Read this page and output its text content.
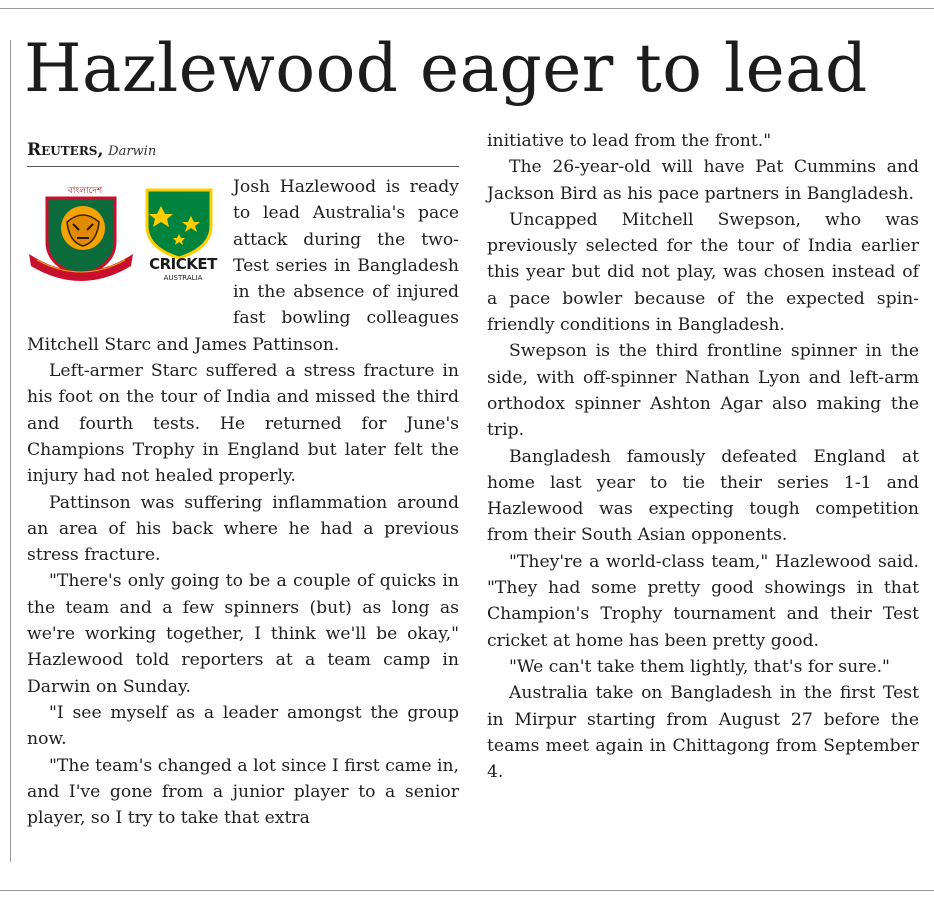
Hazlewood eager to lead
Reuters, Darwin
বাংলাদেশ
CRICKET
AUSTRALIA

Josh Hazlewood is ready to lead Australia's pace attack during the two-Test series in Bangladesh in the absence of injured fast bowling colleagues Mitchell Starc and James Pattinson.

Left-armer Starc suffered a stress fracture in his foot on the tour of India and missed the third and fourth tests. He returned for June's Champions Trophy in England but later felt the injury had not healed properly.

Pattinson was suffering inflammation around an area of his back where he had a previous stress fracture.

"There's only going to be a couple of quicks in the team and a few spinners (but) as long as we're working together, I think we'll be okay," Hazlewood told reporters at a team camp in Darwin on Sunday.

"I see myself as a leader amongst the group now.

"The team's changed a lot since I first came in, and I've gone from a junior player to a senior player, so I try to take that extra

initiative to lead from the front."

The 26-year-old will have Pat Cummins and Jackson Bird as his pace partners in Bangladesh.

Uncapped Mitchell Swepson, who was previously selected for the tour of India earlier this year but did not play, was chosen instead of a pace bowler because of the expected spin-friendly conditions in Bangladesh.

Swepson is the third frontline spinner in the side, with off-spinner Nathan Lyon and left-arm orthodox spinner Ashton Agar also making the trip.

Bangladesh famously defeated England at home last year to tie their series 1-1 and Hazlewood was expecting tough competition from their South Asian opponents.

"They're a world-class team," Hazlewood said. "They had some pretty good showings in that Champion's Trophy tournament and their Test cricket at home has been pretty good.

"We can't take them lightly, that's for sure."

Australia take on Bangladesh in the first Test in Mirpur starting from August 27 before the teams meet again in Chittagong from September 4.
